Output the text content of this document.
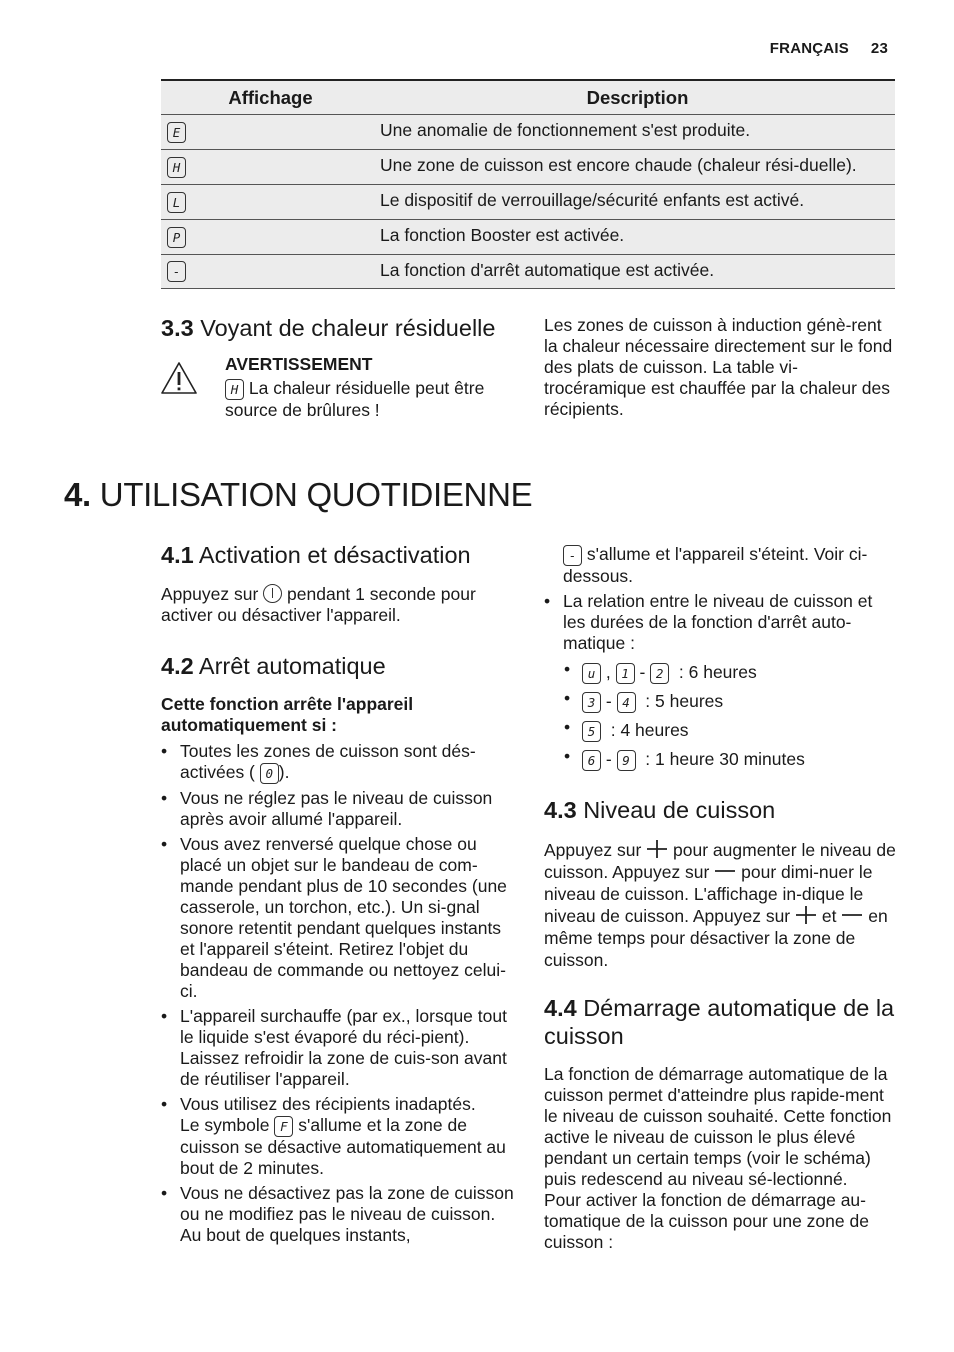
FRANÇAIS 23
Affichage	Description
E	Une anomalie de fonctionnement s'est produite.
H	Une zone de cuisson est encore chaude (chaleur rési-duelle).
L	Le dispositif de verrouillage/sécurité enfants est activé.
P	La fonction Booster est activée.
-	La fonction d'arrêt automatique est activée.
3.3 Voyant de chaleur résiduelle
AVERTISSEMENT
H La chaleur résiduelle peut être source de brûlures !

Les zones de cuisson à induction génè-rent la chaleur nécessaire directement sur le fond des plats de cuisson. La table vi-trocéramique est chauffée par la chaleur des récipients.

4. UTILISATION QUOTIDIENNE
4.1 Activation et désactivation

Appuyez sur pendant 1 seconde pour activer ou désactiver l'appareil.

4.2 Arrêt automatique

Cette fonction arrête l'appareil automatiquement si :

• Toutes les zones de cuisson sont dés-activées ( 0 ).
• Vous ne réglez pas le niveau de cuisson après avoir allumé l'appareil.
• Vous avez renversé quelque chose ou placé un objet sur le bandeau de com-mande pendant plus de 10 secondes (une casserole, un torchon, etc.). Un si-gnal sonore retentit pendant quelques instants et l'appareil s'éteint. Retirez l'objet du bandeau de commande ou nettoyez celui-ci.
• L'appareil surchauffe (par ex., lorsque tout le liquide s'est évaporé du réci-pient). Laissez refroidir la zone de cuis-son avant de réutiliser l'appareil.
• Vous utilisez des récipients inadaptés.
Le symbole F s'allume et la zone de cuisson se désactive automatiquement au bout de 2 minutes.
• Vous ne désactivez pas la zone de cuisson ou ne modifiez pas le niveau de cuisson. Au bout de quelques instants,
- s'allume et l'appareil s'éteint. Voir ci-dessous.
• La relation entre le niveau de cuisson et les durées de la fonction d'arrêt auto-matique :
• u , 1 - 2 : 6 heures
• 3 - 4 : 5 heures
• 5 : 4 heures
• 6 - 9 : 1 heure 30 minutes
4.3 Niveau de cuisson

Appuyez sur pour augmenter le niveau de cuisson. Appuyez sur pour dimi-nuer le niveau de cuisson. L'affichage in-dique le niveau de cuisson. Appuyez sur et en même temps pour désactiver la zone de cuisson.

4.4 Démarrage automatique de la cuisson

La fonction de démarrage automatique de la cuisson permet d'atteindre plus rapide-ment le niveau de cuisson souhaité. Cette fonction active le niveau de cuisson le plus élevé pendant un certain temps (voir le schéma) puis redescend au niveau sé-lectionné.

Pour activer la fonction de démarrage au-tomatique de la cuisson pour une zone de cuisson :
